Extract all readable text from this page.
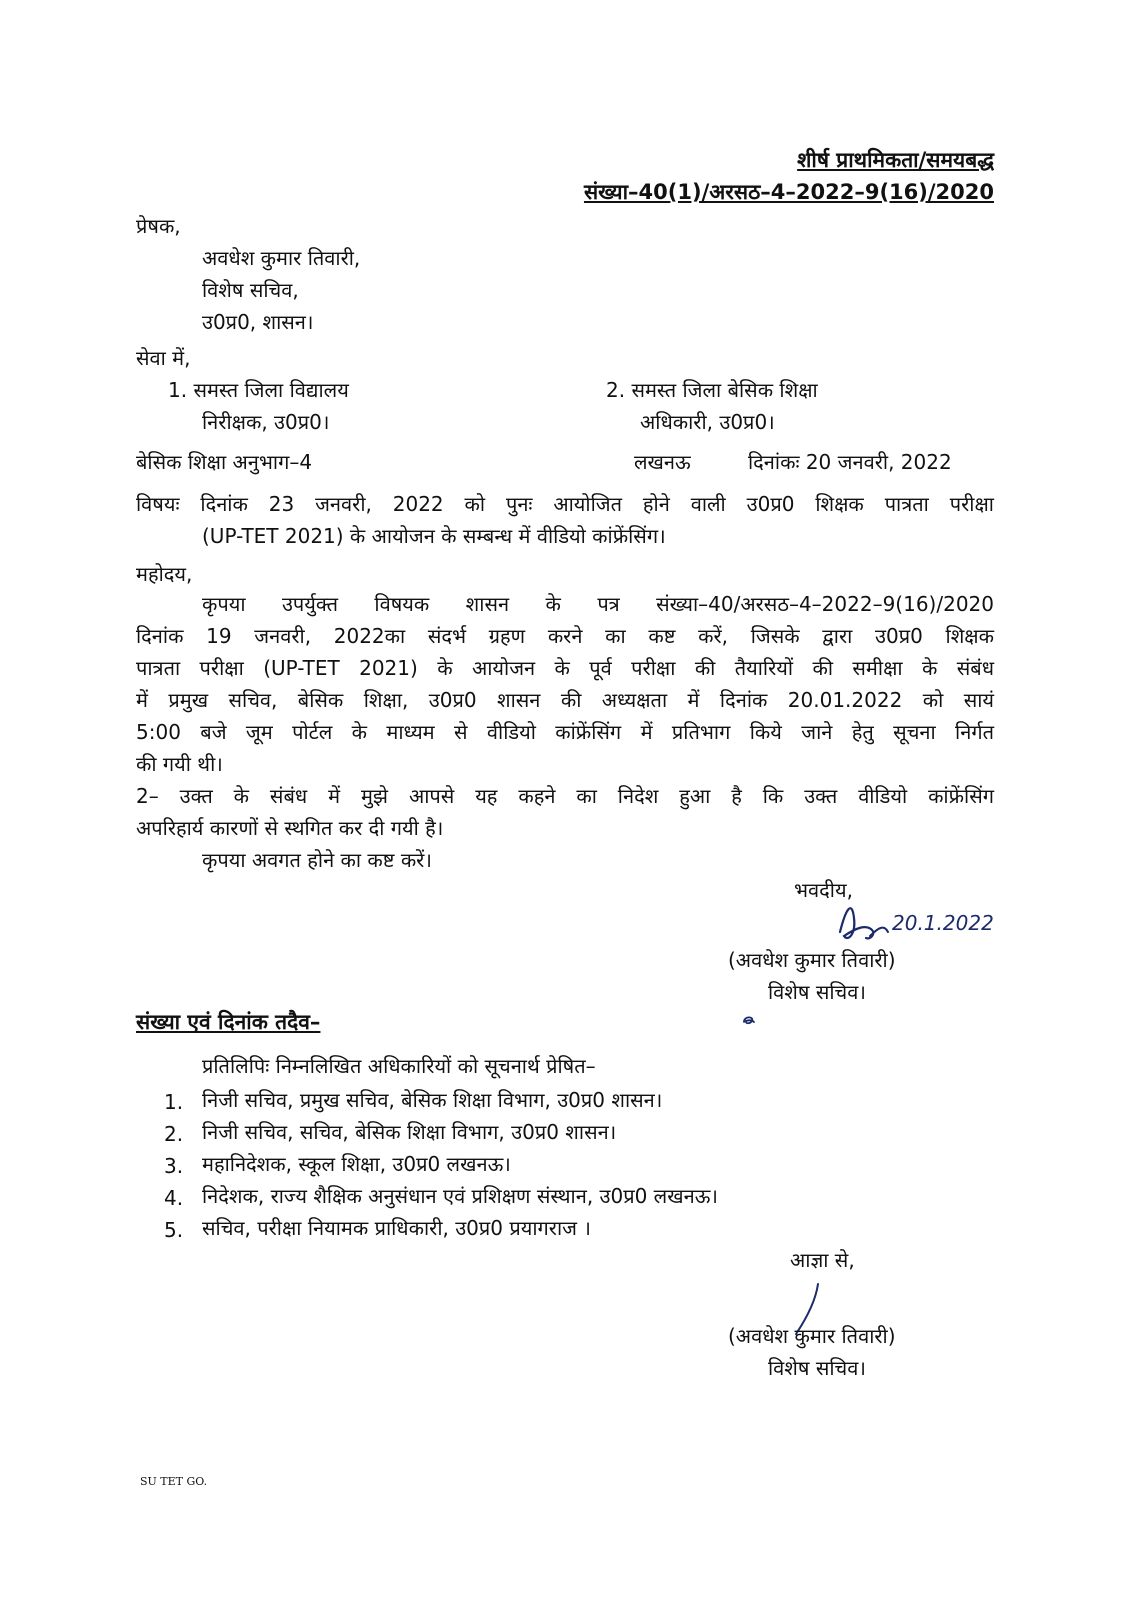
शीर्ष प्राथमिकता/समयबद्ध
संख्या–40(1)/अरसठ–4–2022–9(16)/2020
प्रेषक,
अवधेश कुमार तिवारी,
विशेष सचिव,
उ0प्र0, शासन।
सेवा में,
1. समस्त जिला विद्यालय
निरीक्षक, उ0प्र0।
2. समस्त जिला बेसिक शिक्षा
अधिकारी, उ0प्र0।
बेसिक शिक्षा अनुभाग–4	लखनऊ	दिनांकः 20 जनवरी, 2022
विषयः दिनांक 23 जनवरी, 2022 को पुनः आयोजित होने वाली उ0प्र0 शिक्षक पात्रता परीक्षा
(UP-TET 2021) के आयोजन के सम्बन्ध में वीडियो कांफ्रेंसिंग।
महोदय,
कृपया उपर्युक्त विषयक शासन के पत्र संख्या–40/अरसठ–4–2022–9(16)/2020
दिनांक 19 जनवरी, 2022का संदर्भ ग्रहण करने का कष्ट करें, जिसके द्वारा उ0प्र0 शिक्षक
पात्रता परीक्षा (UP-TET 2021) के आयोजन के पूर्व परीक्षा की तैयारियों की समीक्षा के संबंध
में प्रमुख सचिव, बेसिक शिक्षा, उ0प्र0 शासन की अध्यक्षता में दिनांक 20.01.2022 को सायं
5:00 बजे जूम पोर्टल के माध्यम से वीडियो कांफ्रेंसिंग में प्रतिभाग किये जाने हेतु सूचना निर्गत
की गयी थी।
2– उक्त के संबंध में मुझे आपसे यह कहने का निदेश हुआ है कि उक्त वीडियो कांफ्रेंसिंग
अपरिहार्य कारणों से स्थगित कर दी गयी है।
कृपया अवगत होने का कष्ट करें।
भवदीय,
20.1.2022
(अवधेश कुमार तिवारी)
विशेष सचिव।
संख्या एवं दिनांक तदैव–
प्रतिलिपिः निम्नलिखित अधिकारियों को सूचनार्थ प्रेषित–
1. निजी सचिव, प्रमुख सचिव, बेसिक शिक्षा विभाग, उ0प्र0 शासन।
2. निजी सचिव, सचिव, बेसिक शिक्षा विभाग, उ0प्र0 शासन।
3. महानिदेशक, स्कूल शिक्षा, उ0प्र0 लखनऊ।
4. निदेशक, राज्य शैक्षिक अनुसंधान एवं प्रशिक्षण संस्थान, उ0प्र0 लखनऊ।
5. सचिव, परीक्षा नियामक प्राधिकारी, उ0प्र0 प्रयागराज ।
आज्ञा से,
(अवधेश कुमार तिवारी)
विशेष सचिव।
SU TET GO.
